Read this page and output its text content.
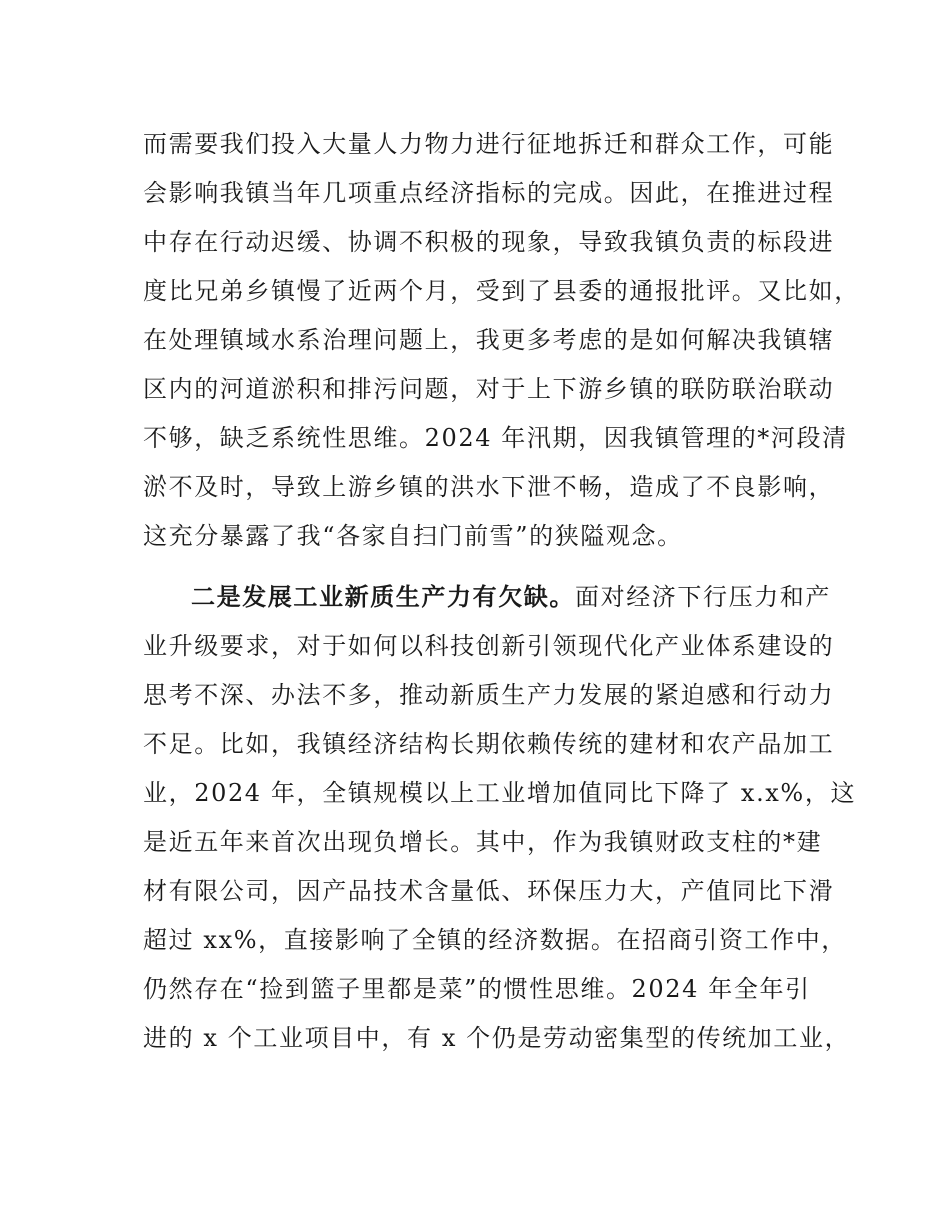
而需要我们投入大量人力物力进行征地拆迁和群众工作，可能
会影响我镇当年几项重点经济指标的完成。因此，在推进过程
中存在行动迟缓、协调不积极的现象，导致我镇负责的标段进
度比兄弟乡镇慢了近两个月，受到了县委的通报批评。又比如，
在处理镇域水系治理问题上，我更多考虑的是如何解决我镇辖
区内的河道淤积和排污问题，对于上下游乡镇的联防联治联动
不够，缺乏系统性思维。2024 年汛期，因我镇管理的*河段清
淤不及时，导致上游乡镇的洪水下泄不畅，造成了不良影响，
这充分暴露了我“各家自扫门前雪”的狭隘观念。
二是发展工业新质生产力有欠缺。面对经济下行压力和产
业升级要求，对于如何以科技创新引领现代化产业体系建设的
思考不深、办法不多，推动新质生产力发展的紧迫感和行动力
不足。比如，我镇经济结构长期依赖传统的建材和农产品加工
业，2024 年，全镇规模以上工业增加值同比下降了 x.x%，这
是近五年来首次出现负增长。其中，作为我镇财政支柱的*建
材有限公司，因产品技术含量低、环保压力大，产值同比下滑
超过 xx%，直接影响了全镇的经济数据。在招商引资工作中，
仍然存在“捡到篮子里都是菜”的惯性思维。2024 年全年引
进的 x 个工业项目中，有 x 个仍是劳动密集型的传统加工业，
